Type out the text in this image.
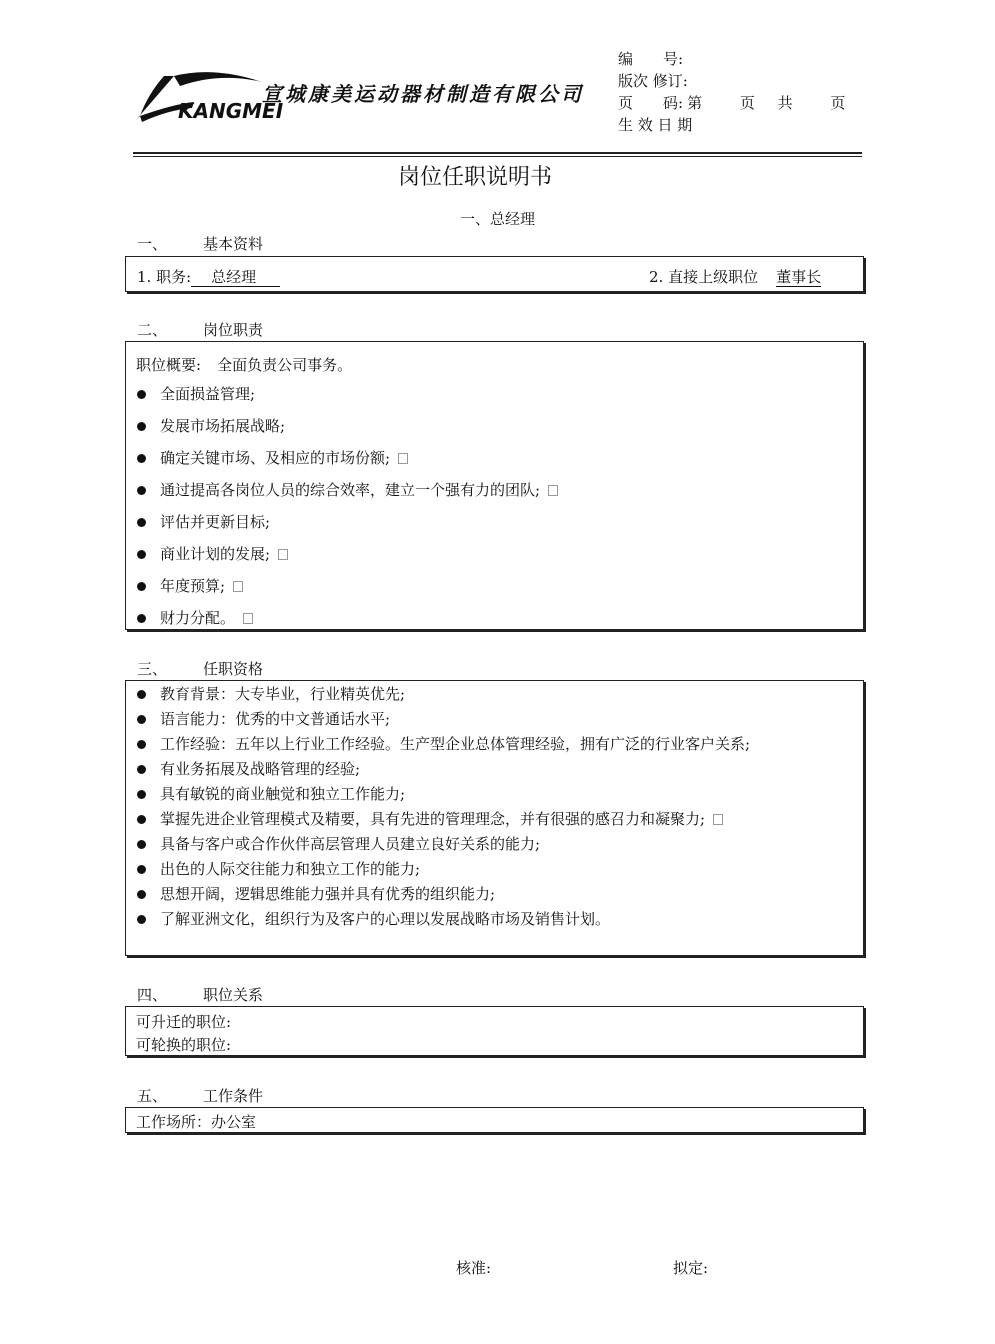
KANGMEI
宣城康美运动器材制造有限公司
编　　号:
版次 修订:
页　　码: 第　 页 共　 页
生 效 日 期
岗位任职说明书
一、总经理
一、 基本资料
1. 职务: 总经理	2. 直接上级职位 董事长
二、 岗位职责
职位概要: 全面负责公司事务。
全面损益管理;
发展市场拓展战略;
确定关键市场、及相应的市场份额;
通过提高各岗位人员的综合效率，建立一个强有力的团队;
评估并更新目标;
商业计划的发展;
年度预算;
财力分配。
三、 任职资格
教育背景：大专毕业，行业精英优先;
语言能力：优秀的中文普通话水平;
工作经验：五年以上行业工作经验。生产型企业总体管理经验，拥有广泛的行业客户关系;
有业务拓展及战略管理的经验;
具有敏锐的商业触觉和独立工作能力;
掌握先进企业管理模式及精要，具有先进的管理理念，并有很强的感召力和凝聚力;
具备与客户或合作伙伴高层管理人员建立良好关系的能力;
出色的人际交往能力和独立工作的能力;
思想开阔，逻辑思维能力强并具有优秀的组织能力;
了解亚洲文化，组织行为及客户的心理以发展战略市场及销售计划。
四、 职位关系
可升迁的职位:
可轮换的职位:
五、 工作条件
工作场所：办公室
核准:	拟定:
